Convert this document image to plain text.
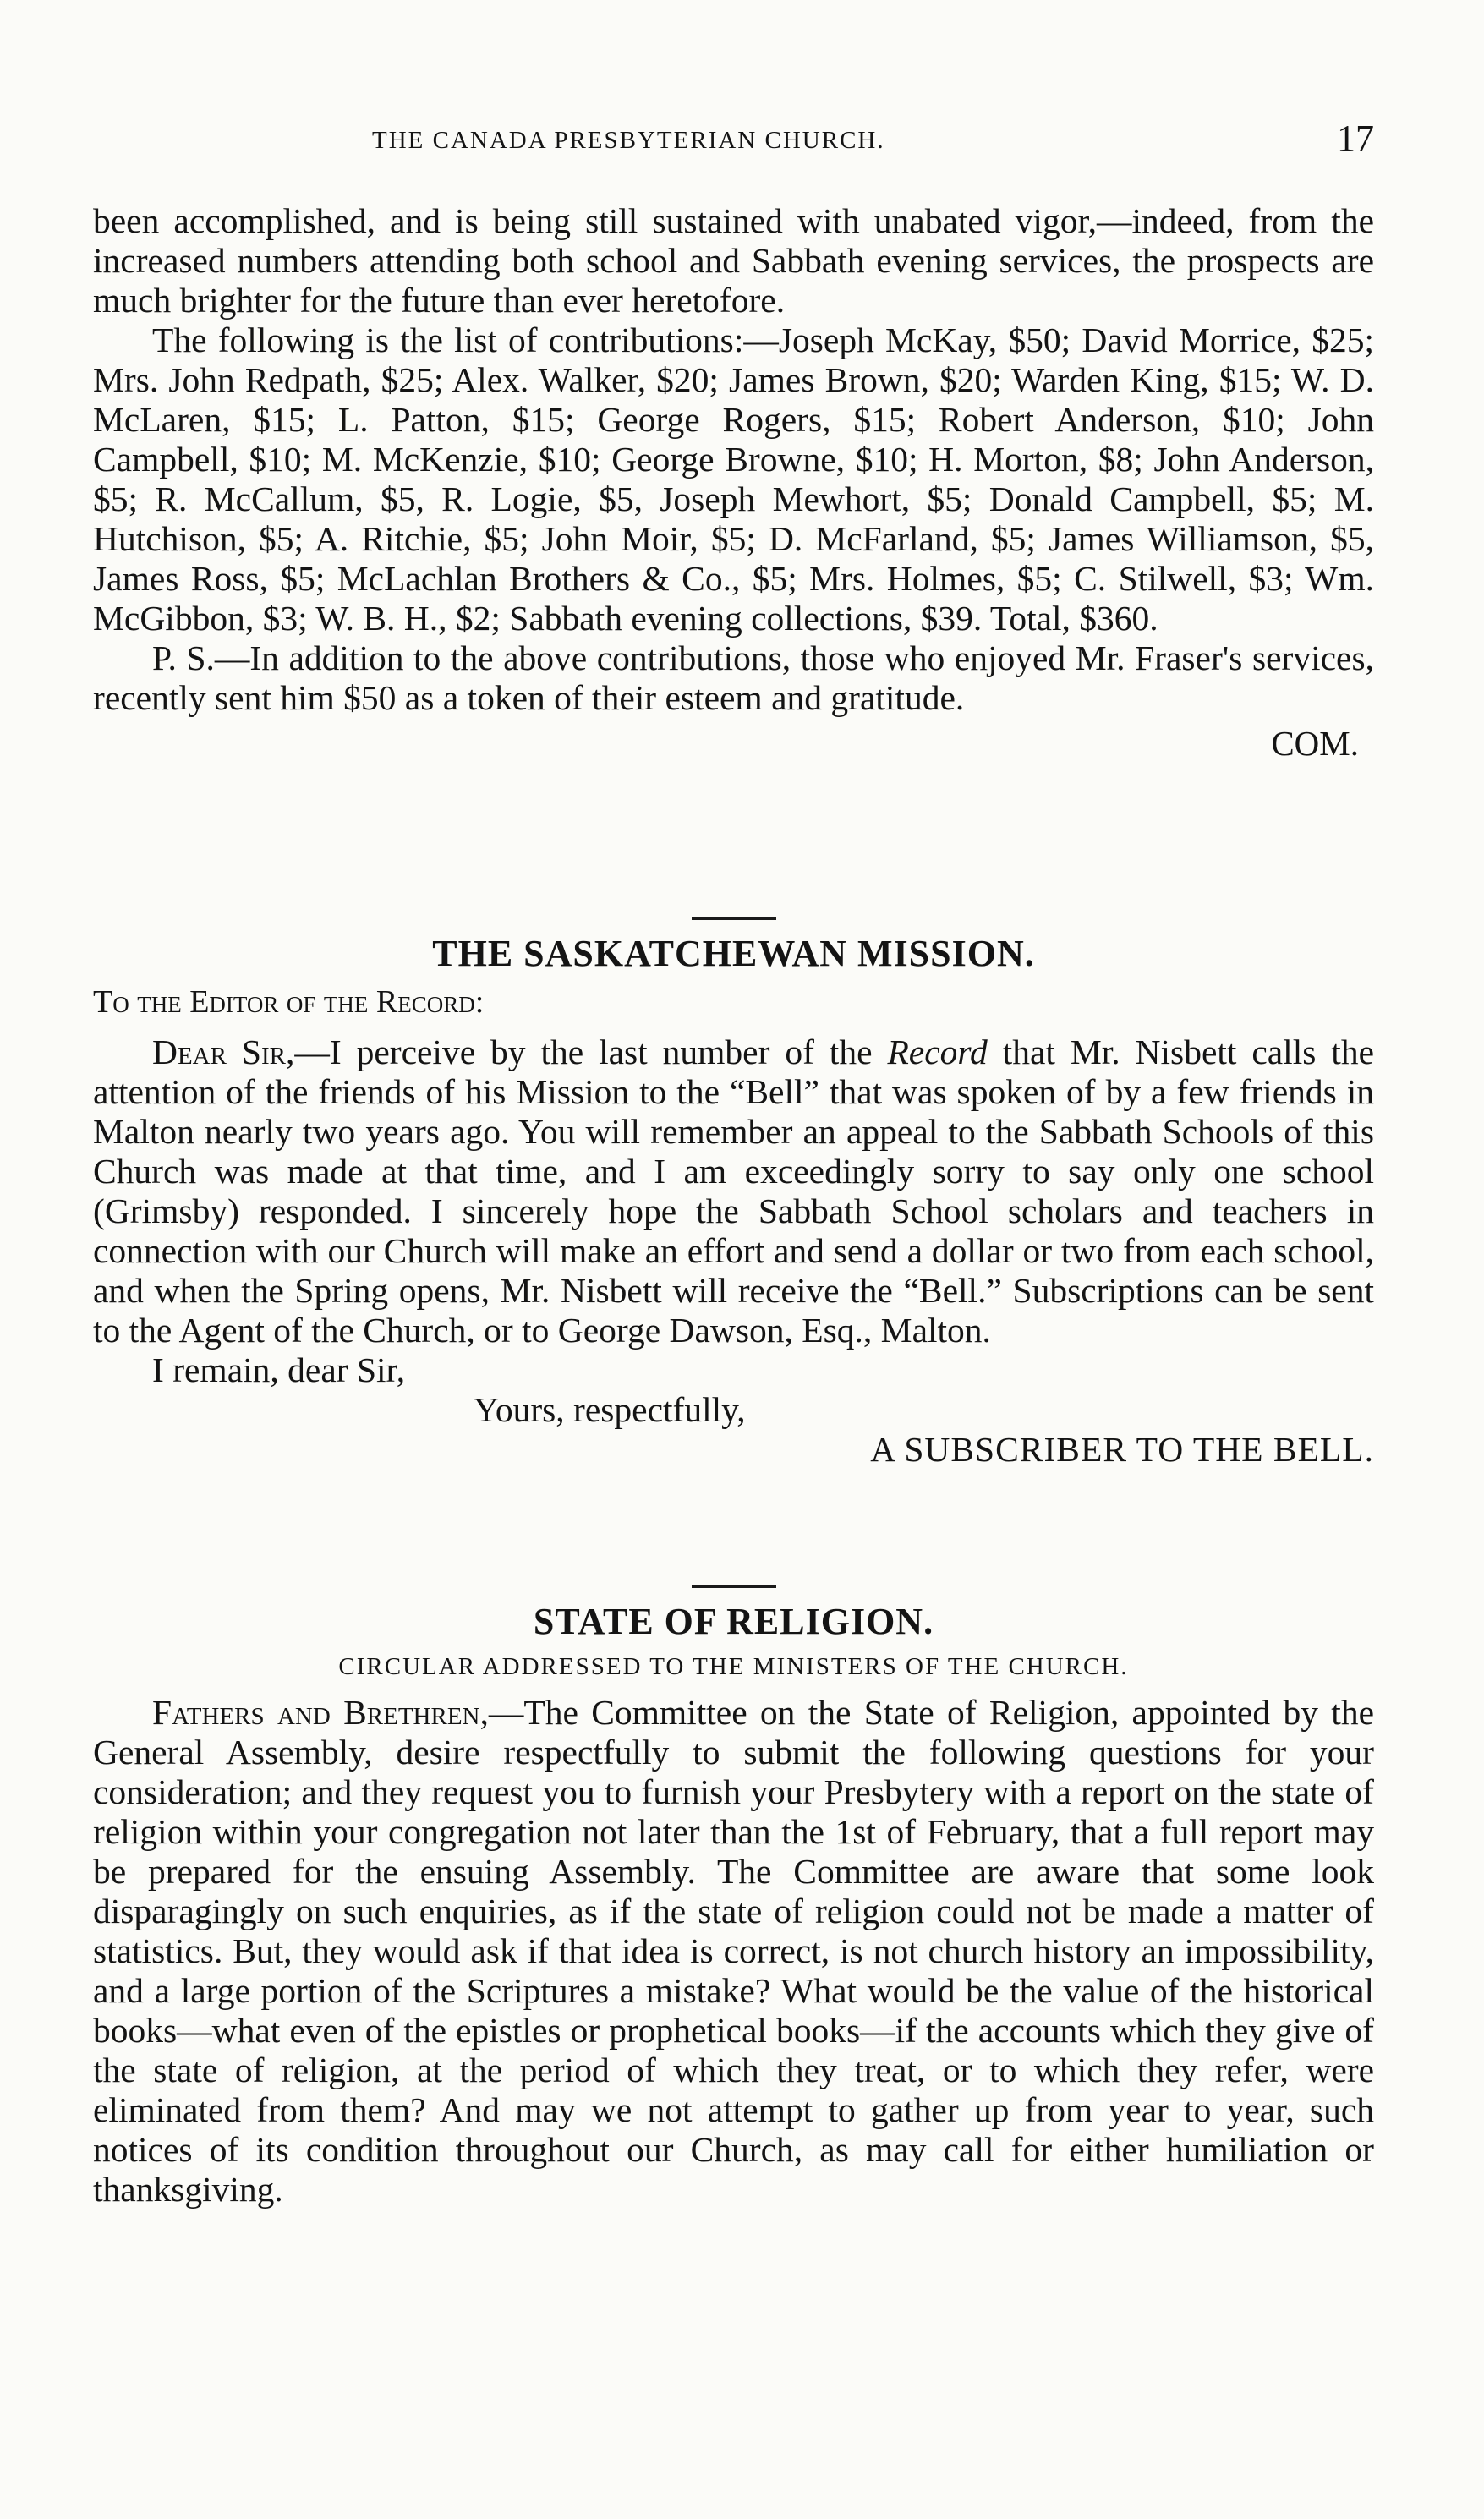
THE CANADA PRESBYTERIAN CHURCH.	17

been accomplished, and is being still sustained with unabated vigor,—indeed, from the increased numbers attending both school and Sabbath evening services, the prospects are much brighter for the future than ever heretofore.

The following is the list of contributions:—Joseph McKay, $50; David Morrice, $25; Mrs. John Redpath, $25; Alex. Walker, $20; James Brown, $20; Warden King, $15; W. D. McLaren, $15; L. Patton, $15; George Rogers, $15; Robert Anderson, $10; John Campbell, $10; M. McKenzie, $10; George Browne, $10; H. Morton, $8; John Anderson, $5; R. McCallum, $5, R. Logie, $5, Joseph Mewhort, $5; Donald Campbell, $5; M. Hutchison, $5; A. Ritchie, $5; John Moir, $5; D. McFarland, $5; James Williamson, $5, James Ross, $5; McLachlan Brothers & Co., $5; Mrs. Holmes, $5; C. Stilwell, $3; Wm. McGibbon, $3; W. B. H., $2; Sabbath evening collections, $39. Total, $360.

P. S.—In addition to the above contributions, those who enjoyed Mr. Fraser's services, recently sent him $50 as a token of their esteem and gratitude.

COM.
THE SASKATCHEWAN MISSION.
To the Editor of the Record:

Dear Sir,—I perceive by the last number of the Record that Mr. Nisbett calls the attention of the friends of his Mission to the “Bell” that was spoken of by a few friends in Malton nearly two years ago. You will remember an appeal to the Sabbath Schools of this Church was made at that time, and I am exceedingly sorry to say only one school (Grimsby) responded. I sincerely hope the Sabbath School scholars and teachers in connection with our Church will make an effort and send a dollar or two from each school, and when the Spring opens, Mr. Nisbett will receive the “Bell.” Subscriptions can be sent to the Agent of the Church, or to George Dawson, Esq., Malton.

I remain, dear Sir,
Yours, respectfully,
A SUBSCRIBER TO THE BELL.
STATE OF RELIGION.
CIRCULAR ADDRESSED TO THE MINISTERS OF THE CHURCH.

Fathers and Brethren,—The Committee on the State of Religion, appointed by the General Assembly, desire respectfully to submit the following questions for your consideration; and they request you to furnish your Presbytery with a report on the state of religion within your congregation not later than the 1st of February, that a full report may be prepared for the ensuing Assembly. The Committee are aware that some look disparagingly on such enquiries, as if the state of religion could not be made a matter of statistics. But, they would ask if that idea is correct, is not church history an impossibility, and a large portion of the Scriptures a mistake? What would be the value of the historical books—what even of the epistles or prophetical books—if the accounts which they give of the state of religion, at the period of which they treat, or to which they refer, were eliminated from them? And may we not attempt to gather up from year to year, such notices of its condition throughout our Church, as may call for either humiliation or thanksgiving.
